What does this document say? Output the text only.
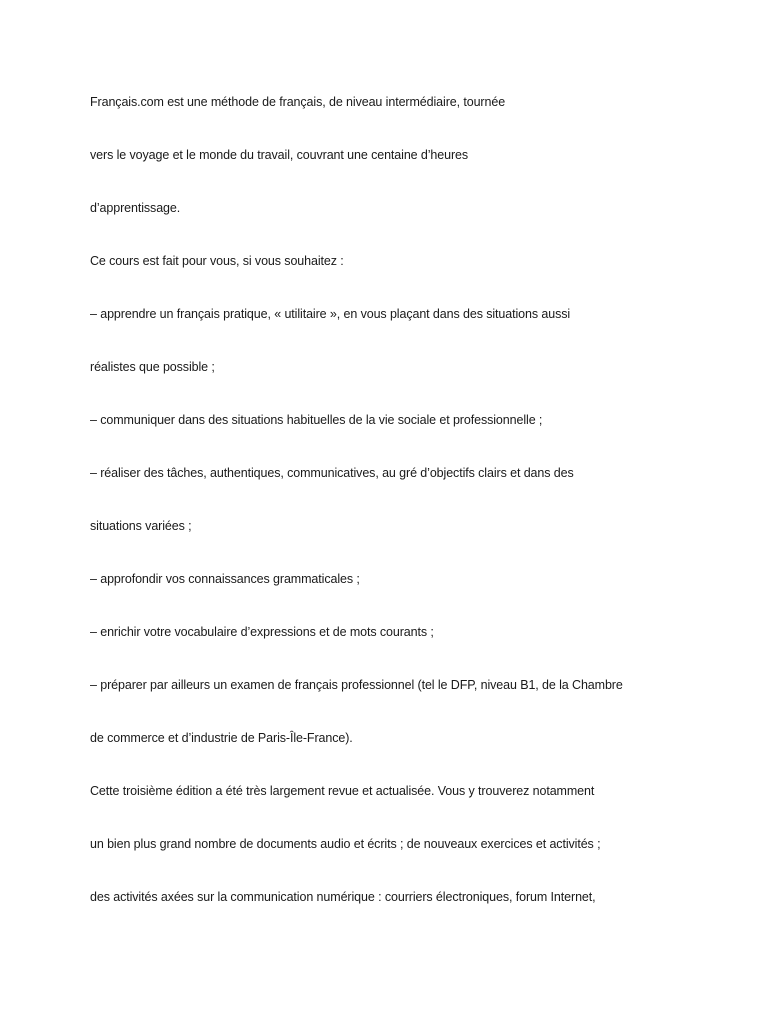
Français.com est une méthode de français, de niveau intermédiaire, tournée
vers le voyage et le monde du travail, couvrant une centaine d’heures
d’apprentissage.
Ce cours est fait pour vous, si vous souhaitez :
– apprendre un français pratique, « utilitaire », en vous plaçant dans des situations aussi
réalistes que possible ;
– communiquer dans des situations habituelles de la vie sociale et professionnelle ;
– réaliser des tâches, authentiques, communicatives, au gré d’objectifs clairs et dans des
situations variées ;
– approfondir vos connaissances grammaticales ;
– enrichir votre vocabulaire d’expressions et de mots courants ;
– préparer par ailleurs un examen de français professionnel (tel le DFP, niveau B1, de la Chambre
de commerce et d’industrie de Paris-Île-France).
Cette troisième édition a été très largement revue et actualisée. Vous y trouverez notamment
un bien plus grand nombre de documents audio et écrits ; de nouveaux exercices et activités ;
des activités axées sur la communication numérique : courriers électroniques, forum Internet,
